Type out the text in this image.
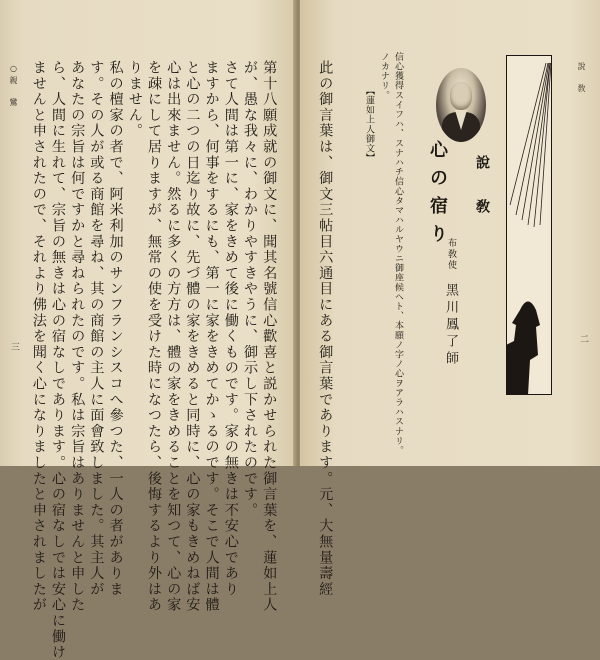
○親　鸞
三	第十八願成就の御文に、聞其名號信心歡喜と説かせられた御言葉を、蓮如上人
が、愚な我々に、わかりやすきやうに、御示し下されたのです。
さて人間は第一に、家をきめて後に働くものです。家の無きは不安心であり
ますから、何事をするにも、第一に家をきめてかゝるのです。そこで人間は體
と心の二つの日迄り故に、先づ體の家をきめると同時に、心の家もきめねば安
心は出來ません。然るに多くの方方は、體の家をきめることを知つて、心の家
を疎にして居りますが、無常の使を受けた時になつたら、後悔するより外はあ
りません。
私の檀家の者で、阿米利加のサンフランシスコへ參つた、一人の者がありま
す。その人が或る商館を尋ね、其の商館の主人に面會致しました。其主人が
あなたの宗旨は何ですかと尋ねられたのです。私は宗旨はありませんと申した
ら、人間に生れて、宗旨の無きは心の宿なしであります。心の宿なしでは安心に働け
ませんと申されたので、それより佛法を聞く心になりましたと申されましたが	說　敎
二
說　敎
心の宿り
布敎使
黑川鳳了師
信心獲得スイフハ、スナハチ信心タマハルヤウニ御座候ヘト、本願ノ字ノ心ヲアラハスナリ。
ノカナリ。
【蓮如上人御文】
此の御言葉は、御文三帖目六通目にある御言葉であります。元、大無量壽經
